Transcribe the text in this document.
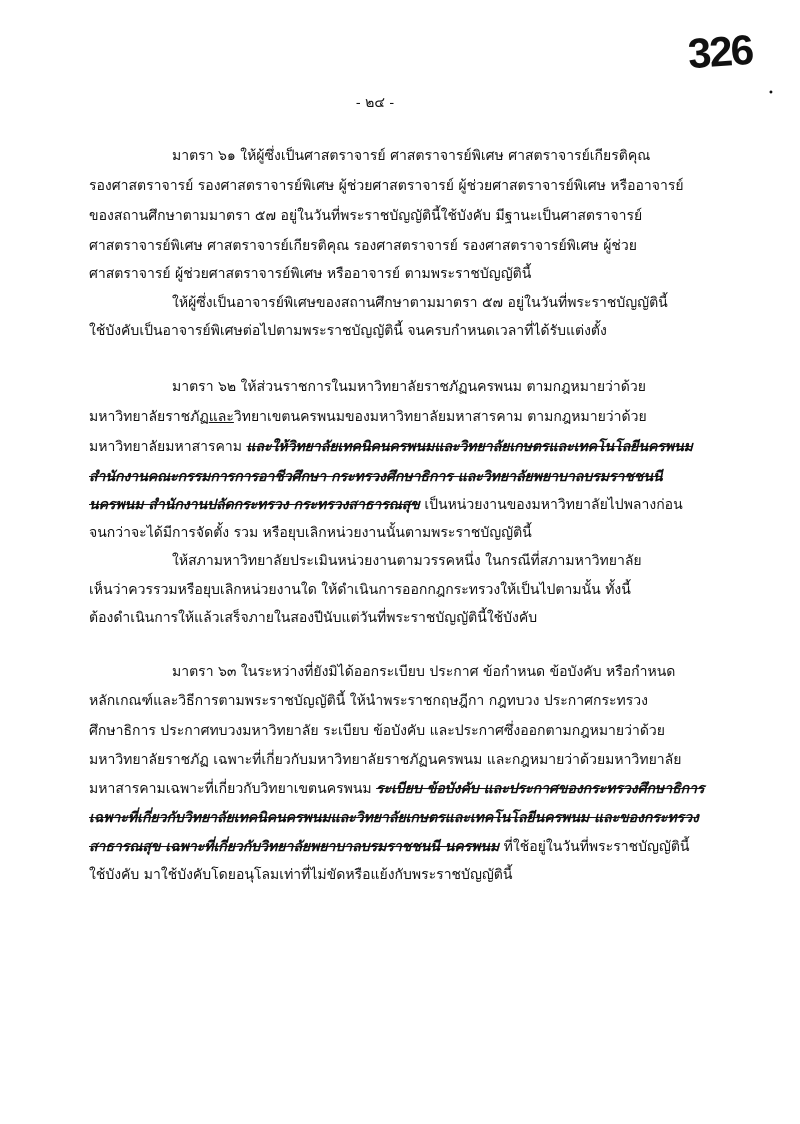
326
•
- ๒๔ -
มาตรา ๖๑ ให้ผู้ซึ่งเป็นศาสตราจารย์ ศาสตราจารย์พิเศษ ศาสตราจารย์เกียรติคุณ
รองศาสตราจารย์ รองศาสตราจารย์พิเศษ ผู้ช่วยศาสตราจารย์ ผู้ช่วยศาสตราจารย์พิเศษ หรืออาจารย์
ของสถานศึกษาตามมาตรา ๕๗ อยู่ในวันที่พระราชบัญญัตินี้ใช้บังคับ มีฐานะเป็นศาสตราจารย์
ศาสตราจารย์พิเศษ ศาสตราจารย์เกียรติคุณ รองศาสตราจารย์ รองศาสตราจารย์พิเศษ ผู้ช่วย
ศาสตราจารย์ ผู้ช่วยศาสตราจารย์พิเศษ หรืออาจารย์ ตามพระราชบัญญัตินี้
ให้ผู้ซึ่งเป็นอาจารย์พิเศษของสถานศึกษาตามมาตรา ๕๗ อยู่ในวันที่พระราชบัญญัตินี้
ใช้บังคับเป็นอาจารย์พิเศษต่อไปตามพระราชบัญญัตินี้ จนครบกำหนดเวลาที่ได้รับแต่งตั้ง
มาตรา ๖๒ ให้ส่วนราชการในมหาวิทยาลัยราชภัฏนครพนม ตามกฎหมายว่าด้วย
มหาวิทยาลัยราชภัฏและวิทยาเขตนครพนมของมหาวิทยาลัยมหาสารคาม ตามกฎหมายว่าด้วย
มหาวิทยาลัยมหาสารคาม และให้วิทยาลัยเทคนิคนครพนมและวิทยาลัยเกษตรและเทคโนโลยีนครพนม
สำนักงานคณะกรรมการการอาชีวศึกษา กระทรวงศึกษาธิการ และวิทยาลัยพยาบาลบรมราชชนนี
นครพนม สำนักงานปลัดกระทรวง กระทรวงสาธารณสุข เป็นหน่วยงานของมหาวิทยาลัยไปพลางก่อน
จนกว่าจะได้มีการจัดตั้ง รวม หรือยุบเลิกหน่วยงานนั้นตามพระราชบัญญัตินี้
ให้สภามหาวิทยาลัยประเมินหน่วยงานตามวรรคหนึ่ง ในกรณีที่สภามหาวิทยาลัย
เห็นว่าควรรวมหรือยุบเลิกหน่วยงานใด ให้ดำเนินการออกกฎกระทรวงให้เป็นไปตามนั้น ทั้งนี้
ต้องดำเนินการให้แล้วเสร็จภายในสองปีนับแต่วันที่พระราชบัญญัตินี้ใช้บังคับ
มาตรา ๖๓ ในระหว่างที่ยังมิได้ออกระเบียบ ประกาศ ข้อกำหนด ข้อบังคับ หรือกำหนด
หลักเกณฑ์และวิธีการตามพระราชบัญญัตินี้ ให้นำพระราชกฤษฎีกา กฎทบวง ประกาศกระทรวง
ศึกษาธิการ ประกาศทบวงมหาวิทยาลัย ระเบียบ ข้อบังคับ และประกาศซึ่งออกตามกฎหมายว่าด้วย
มหาวิทยาลัยราชภัฏ เฉพาะที่เกี่ยวกับมหาวิทยาลัยราชภัฏนครพนม และกฎหมายว่าด้วยมหาวิทยาลัย
มหาสารคามเฉพาะที่เกี่ยวกับวิทยาเขตนครพนม ระเบียบ ข้อบังคับ และประกาศของกระทรวงศึกษาธิการ
เฉพาะที่เกี่ยวกับวิทยาลัยเทคนิคนครพนมและวิทยาลัยเกษตรและเทคโนโลยีนครพนม และของกระทรวง
สาธารณสุข เฉพาะที่เกี่ยวกับวิทยาลัยพยาบาลบรมราชชนนี นครพนม ที่ใช้อยู่ในวันที่พระราชบัญญัตินี้
ใช้บังคับ มาใช้บังคับโดยอนุโลมเท่าที่ไม่ขัดหรือแย้งกับพระราชบัญญัตินี้
